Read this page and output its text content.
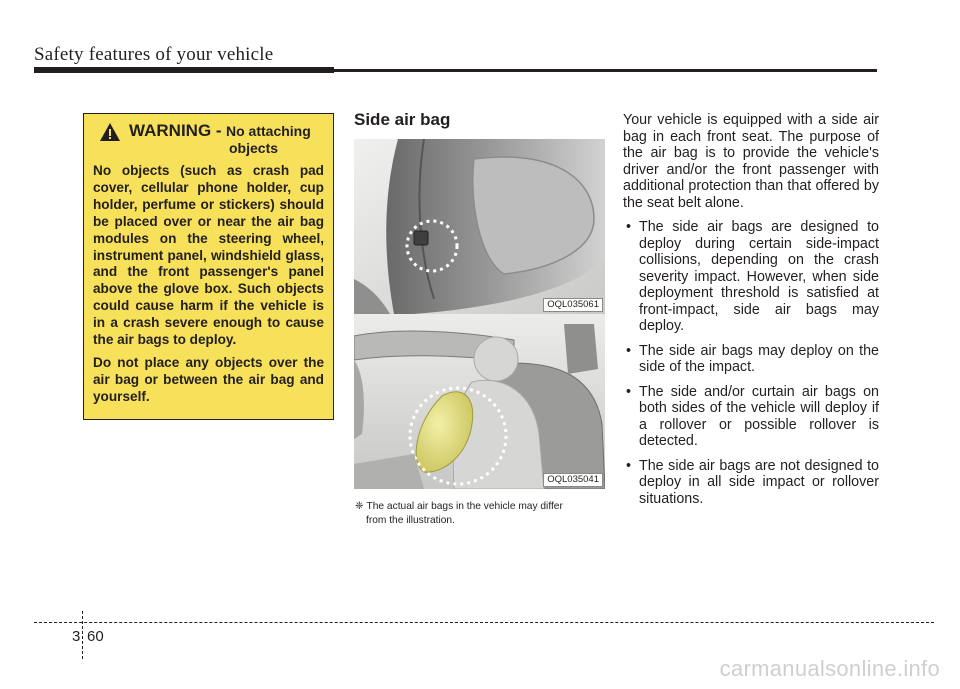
Safety features of your vehicle
WARNING - No attaching
objects

No objects (such as crash pad cover, cellular phone holder, cup holder, perfume or stickers) should be placed over or near the air bag modules on the steering wheel, instrument panel, windshield glass, and the front passenger's panel above the glove box. Such objects could cause harm if the vehicle is in a crash severe enough to cause the air bags to deploy.

Do not place any objects over the air bag or between the air bag and yourself.

Side air bag
OQL035061
OQL035041
❈ The actual air bags in the vehicle may differ
from the illustration.

Your vehicle is equipped with a side air bag in each front seat. The purpose of the air bag is to provide the vehicle's driver and/or the front passenger with additional protection than that offered by the seat belt alone.

• The side air bags are designed to deploy during certain side-impact collisions, depending on the crash severity impact. However, when side deployment threshold is satisfied at front-impact, side air bags may deploy.
• The side air bags may deploy on the side of the impact.
• The side and/or curtain air bags on both sides of the vehicle will deploy if a rollover or possible rollover is detected.
• The side air bags are not designed to deploy in all side impact or rollover situations.
3 60
carmanualsonline.info
